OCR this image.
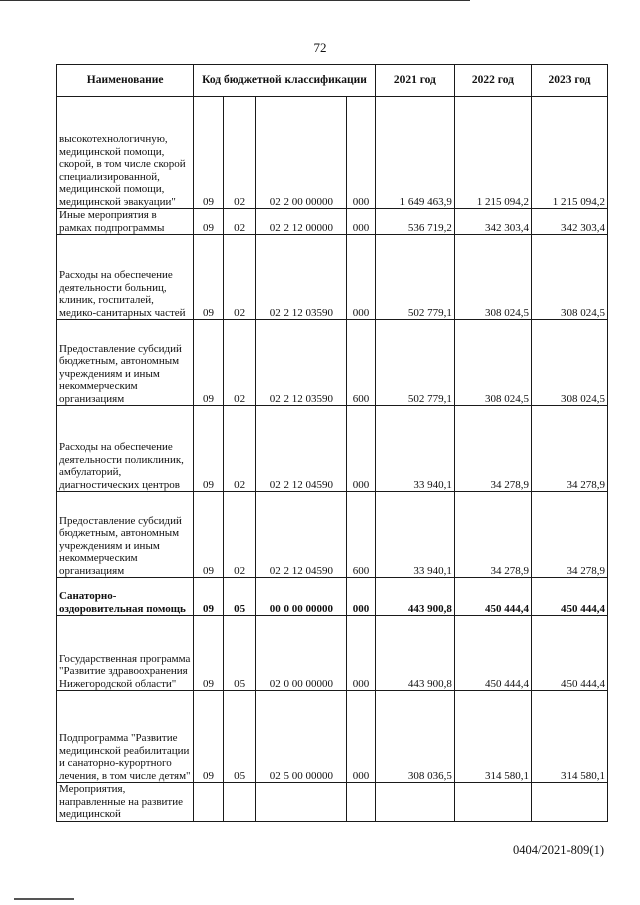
72
Наименование	Код бюджетной классификации				2021 год	2022 год	2023 год
высокотехнологичную, медицинской помощи, скорой, в том числе скорой специализированной, медицинской помощи, медицинской эвакуации"	09	02	02 2 00 00000	000	1 649 463,9	1 215 094,2	1 215 094,2
Иные мероприятия в рамках подпрограммы	09	02	02 2 12 00000	000	536 719,2	342 303,4	342 303,4
Расходы на обеспечение деятельности больниц, клиник, госпиталей, медико-санитарных частей	09	02	02 2 12 03590	000	502 779,1	308 024,5	308 024,5
Предоставление субсидий бюджетным, автономным учреждениям и иным некоммерческим организациям	09	02	02 2 12 03590	600	502 779,1	308 024,5	308 024,5
Расходы на обеспечение деятельности поликлиник, амбулаторий, диагностических центров	09	02	02 2 12 04590	000	33 940,1	34 278,9	34 278,9
Предоставление субсидий бюджетным, автономным учреждениям и иным некоммерческим организациям	09	02	02 2 12 04590	600	33 940,1	34 278,9	34 278,9
Санаторно-оздоровительная помощь	09	05	00 0 00 00000	000	443 900,8	450 444,4	450 444,4
Государственная программа "Развитие здравоохранения Нижегородской области"	09	05	02 0 00 00000	000	443 900,8	450 444,4	450 444,4
Подпрограмма "Развитие медицинской реабилитации и санаторно-курортного лечения, в том числе детям"	09	05	02 5 00 00000	000	308 036,5	314 580,1	314 580,1
Мероприятия, направленные на развитие медицинской							
0404/2021-809(1)
